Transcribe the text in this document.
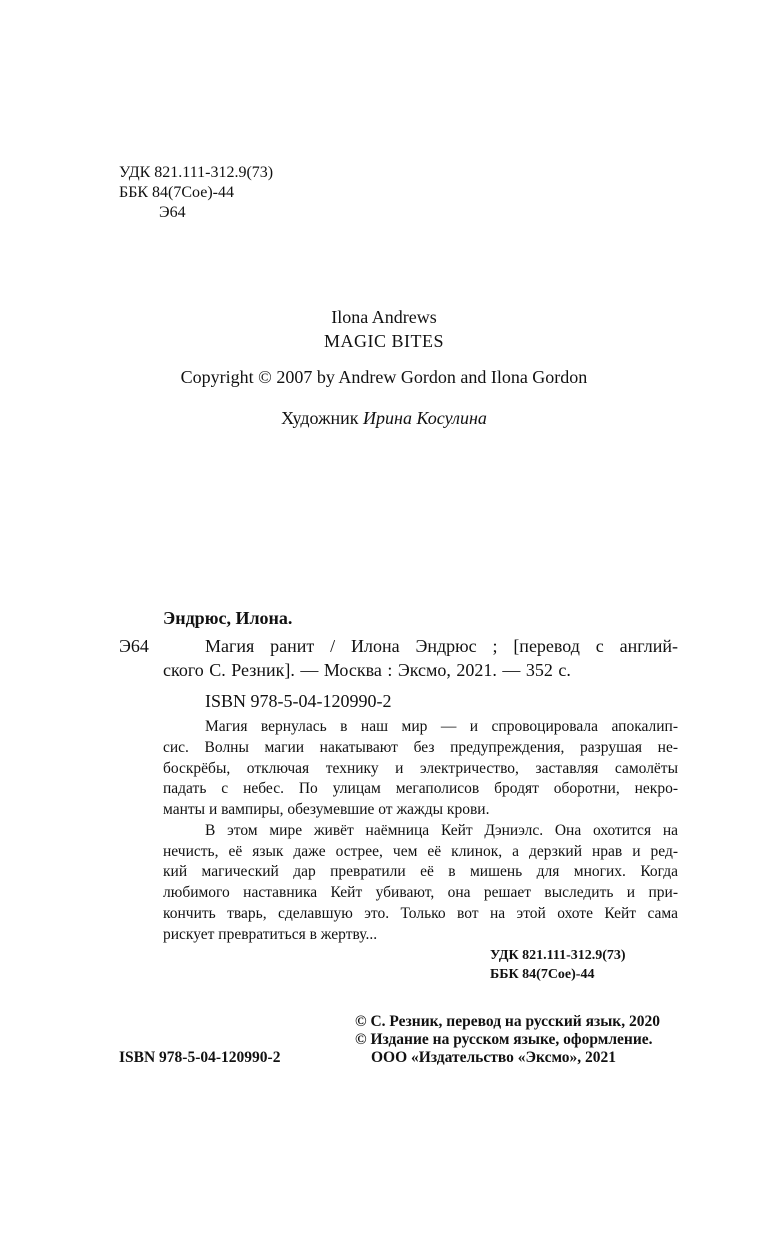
УДК 821.111-312.9(73)
ББК 84(7Сое)-44
Э64
Ilona Andrews
MAGIC BITES
Copyright © 2007 by Andrew Gordon and Ilona Gordon
Художник Ирина Косулина
Эндрюс, Илона.
Э64	Магия ранит / Илона Эндрюс ; [перевод с англий-
ского С. Резник]. — Москва : Эксмо, 2021. — 352 с.
ISBN 978-5-04-120990-2
Магия вернулась в наш мир — и спровоцировала апокалип-
сис. Волны магии накатывают без предупреждения, разрушая не-
боскрёбы, отключая технику и электричество, заставляя самолёты
падать с небес. По улицам мегаполисов бродят оборотни, некро-
манты и вампиры, обезумевшие от жажды крови.
В этом мире живёт наёмница Кейт Дэниэлс. Она охотится на
нечисть, её язык даже острее, чем её клинок, а дерзкий нрав и ред-
кий магический дар превратили её в мишень для многих. Когда
любимого наставника Кейт убивают, она решает выследить и при-
кончить тварь, сделавшую это. Только вот на этой охоте Кейт сама
рискует превратиться в жертву...
УДК 821.111-312.9(73)
ББК 84(7Сое)-44
ISBN 978-5-04-120990-2
© С. Резник, перевод на русский язык, 2020
© Издание на русском языке, оформление.
ООО «Издательство «Эксмо», 2021
